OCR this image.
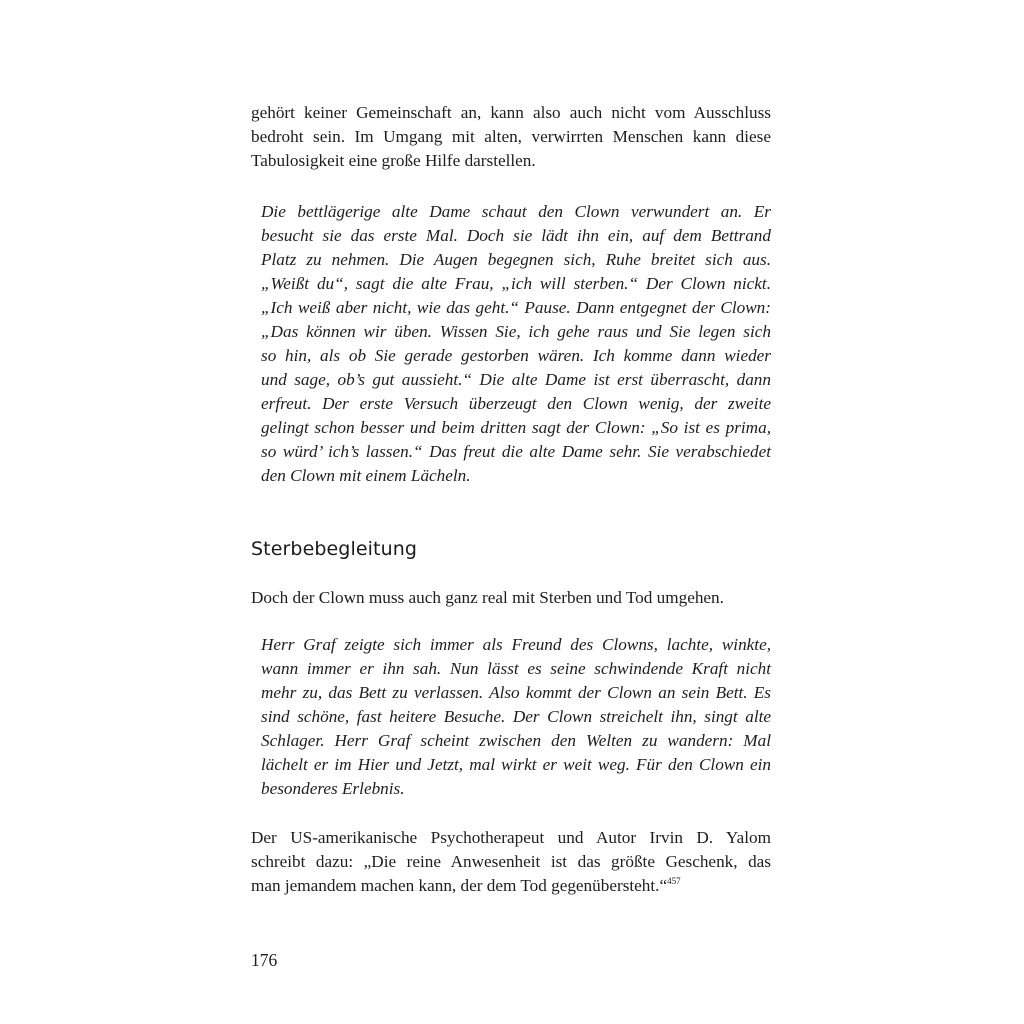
gehört keiner Gemeinschaft an, kann also auch nicht vom Ausschluss
bedroht sein. Im Umgang mit alten, verwirrten Menschen kann diese
Tabulosigkeit eine große Hilfe darstellen.
Die bettlägerige alte Dame schaut den Clown verwundert an. Er
besucht sie das erste Mal. Doch sie lädt ihn ein, auf dem Bettrand
Platz zu nehmen. Die Augen begegnen sich, Ruhe breitet sich aus.
„Weißt du“, sagt die alte Frau, „ich will sterben.“ Der Clown nickt.
„Ich weiß aber nicht, wie das geht.“ Pause. Dann entgegnet der Clown:
„Das können wir üben. Wissen Sie, ich gehe raus und Sie legen sich
so hin, als ob Sie gerade gestorben wären. Ich komme dann wieder
und sage, ob’s gut aussieht.“ Die alte Dame ist erst überrascht, dann
erfreut. Der erste Versuch überzeugt den Clown wenig, der zweite
gelingt schon besser und beim dritten sagt der Clown: „So ist es prima,
so würd’ ich’s lassen.“ Das freut die alte Dame sehr. Sie verabschiedet
den Clown mit einem Lächeln.
Sterbebegleitung
Doch der Clown muss auch ganz real mit Sterben und Tod umgehen.
Herr Graf zeigte sich immer als Freund des Clowns, lachte, winkte,
wann immer er ihn sah. Nun lässt es seine schwindende Kraft nicht
mehr zu, das Bett zu verlassen. Also kommt der Clown an sein Bett. Es
sind schöne, fast heitere Besuche. Der Clown streichelt ihn, singt alte
Schlager. Herr Graf scheint zwischen den Welten zu wandern: Mal
lächelt er im Hier und Jetzt, mal wirkt er weit weg. Für den Clown ein
besonderes Erlebnis.
Der US-amerikanische Psychotherapeut und Autor Irvin D. Yalom
schreibt dazu: „Die reine Anwesenheit ist das größte Geschenk, das
man jemandem machen kann, der dem Tod gegenübersteht.“$^{457}$

176
